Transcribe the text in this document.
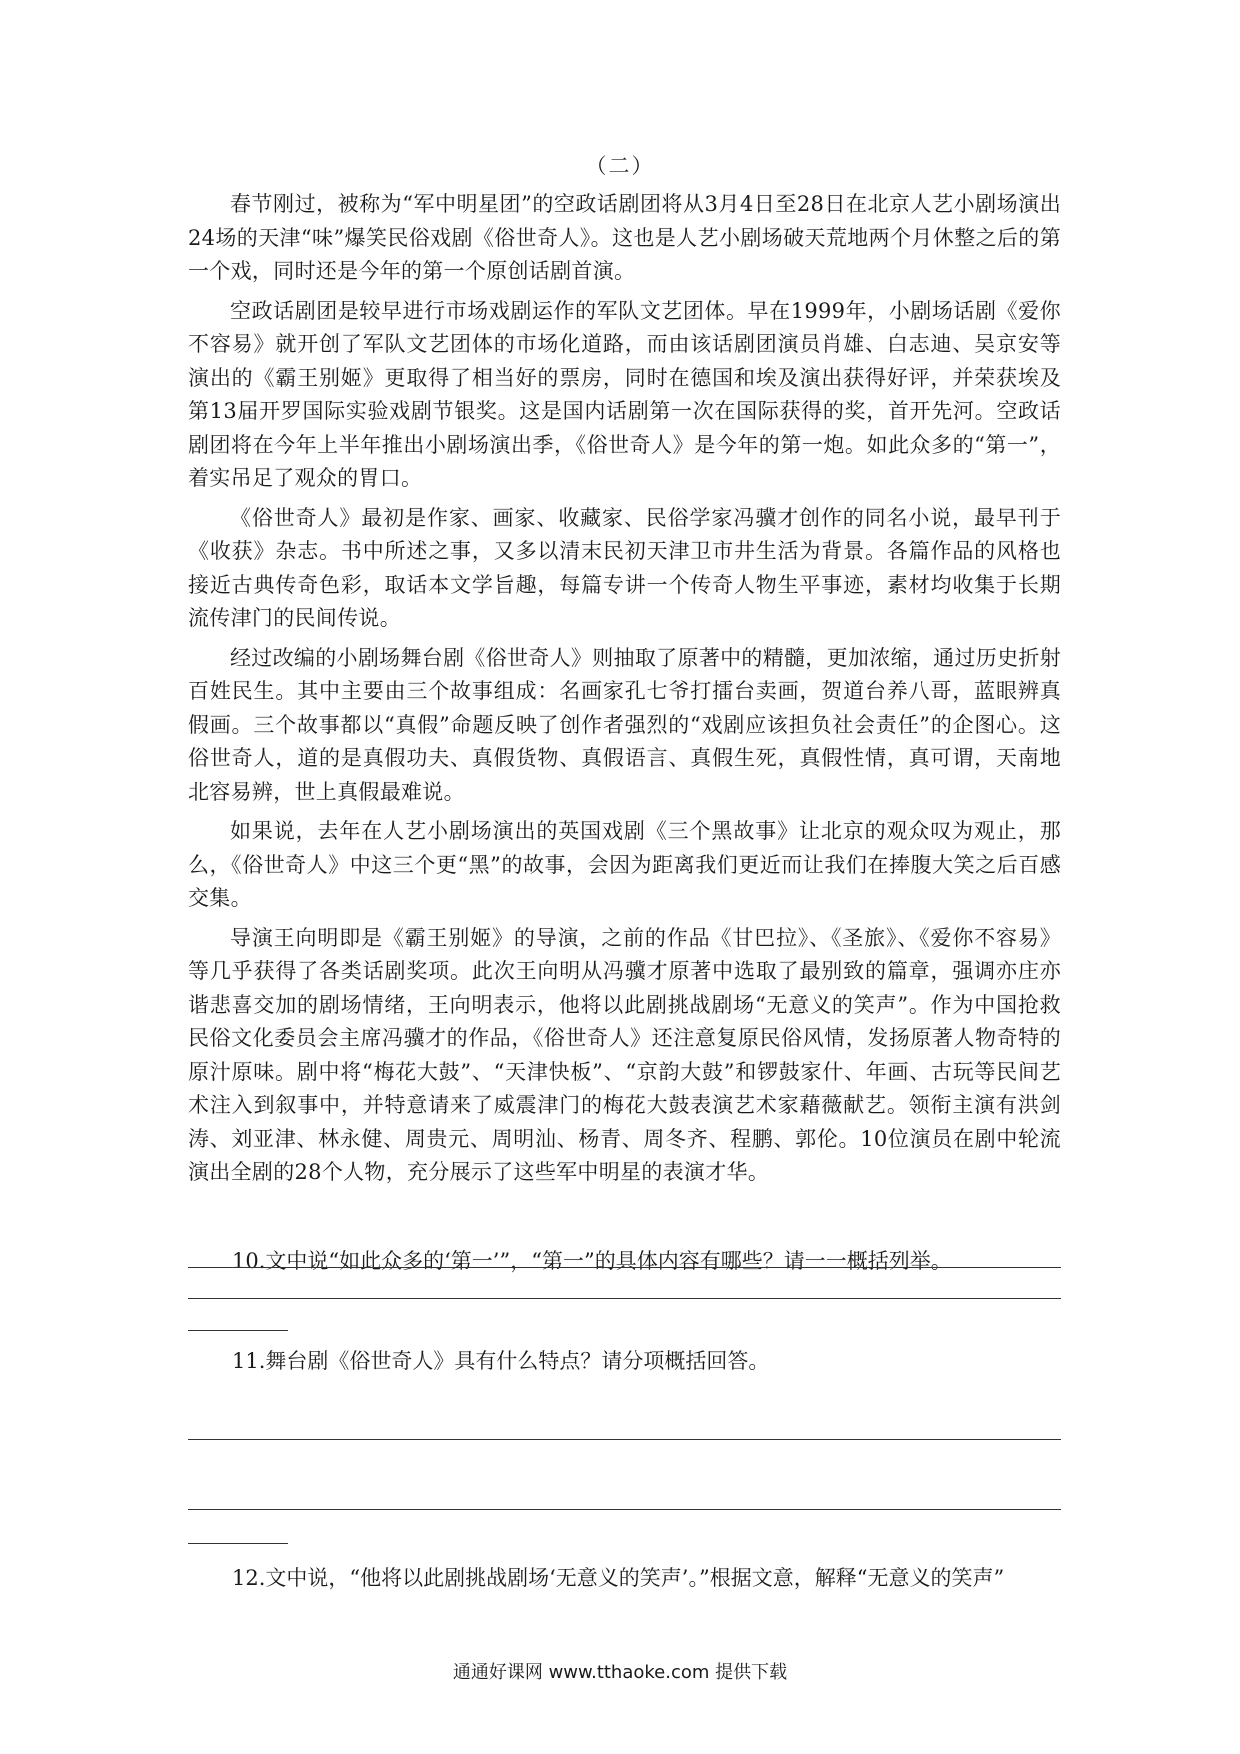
（二）

春节刚过，被称为“军中明星团”的空政话剧团将从3月4日至28日在北京人艺小剧场演出24场的天津“味”爆笑民俗戏剧《俗世奇人》。这也是人艺小剧场破天荒地两个月休整之后的第一个戏，同时还是今年的第一个原创话剧首演。

空政话剧团是较早进行市场戏剧运作的军队文艺团体。早在1999年，小剧场话剧《爱你不容易》就开创了军队文艺团体的市场化道路，而由该话剧团演员肖雄、白志迪、吴京安等演出的《霸王别姬》更取得了相当好的票房，同时在德国和埃及演出获得好评，并荣获埃及第13届开罗国际实验戏剧节银奖。这是国内话剧第一次在国际获得的奖，首开先河。空政话剧团将在今年上半年推出小剧场演出季，《俗世奇人》是今年的第一炮。如此众多的“第一”，着实吊足了观众的胃口。

《俗世奇人》最初是作家、画家、收藏家、民俗学家冯骥才创作的同名小说，最早刊于《收获》杂志。书中所述之事，又多以清末民初天津卫市井生活为背景。各篇作品的风格也接近古典传奇色彩，取话本文学旨趣，每篇专讲一个传奇人物生平事迹，素材均收集于长期流传津门的民间传说。

经过改编的小剧场舞台剧《俗世奇人》则抽取了原著中的精髓，更加浓缩，通过历史折射百姓民生。其中主要由三个故事组成：名画家孔七爷打擂台卖画，贺道台养八哥，蓝眼辨真假画。三个故事都以“真假”命题反映了创作者强烈的“戏剧应该担负社会责任”的企图心。这俗世奇人，道的是真假功夫、真假货物、真假语言、真假生死，真假性情，真可谓，天南地北容易辨，世上真假最难说。

如果说，去年在人艺小剧场演出的英国戏剧《三个黑故事》让北京的观众叹为观止，那么，《俗世奇人》中这三个更“黑”的故事，会因为距离我们更近而让我们在捧腹大笑之后百感交集。

导演王向明即是《霸王别姬》的导演，之前的作品《甘巴拉》、《圣旅》、《爱你不容易》等几乎获得了各类话剧奖项。此次王向明从冯骥才原著中选取了最别致的篇章，强调亦庄亦谐悲喜交加的剧场情绪，王向明表示，他将以此剧挑战剧场“无意义的笑声”。作为中国抢救民俗文化委员会主席冯骥才的作品，《俗世奇人》还注意复原民俗风情，发扬原著人物奇特的原汁原味。剧中将“梅花大鼓”、“天津快板”、“京韵大鼓”和锣鼓家什、年画、古玩等民间艺术注入到叙事中，并特意请来了威震津门的梅花大鼓表演艺术家藉薇献艺。领衔主演有洪剑涛、刘亚津、林永健、周贵元、周明汕、杨青、周冬齐、程鹏、郭伦。10位演员在剧中轮流演出全剧的28个人物，充分展示了这些军中明星的表演才华。

10.文中说“如此众多的‘第一’”，“第一”的具体内容有哪些？请一一概括列举。
11.舞台剧《俗世奇人》具有什么特点？请分项概括回答。
12.文中说，“他将以此剧挑战剧场‘无意义的笑声’。”根据文意，解释“无意义的笑声”
通通好课网 www.tthaoke.com 提供下载
